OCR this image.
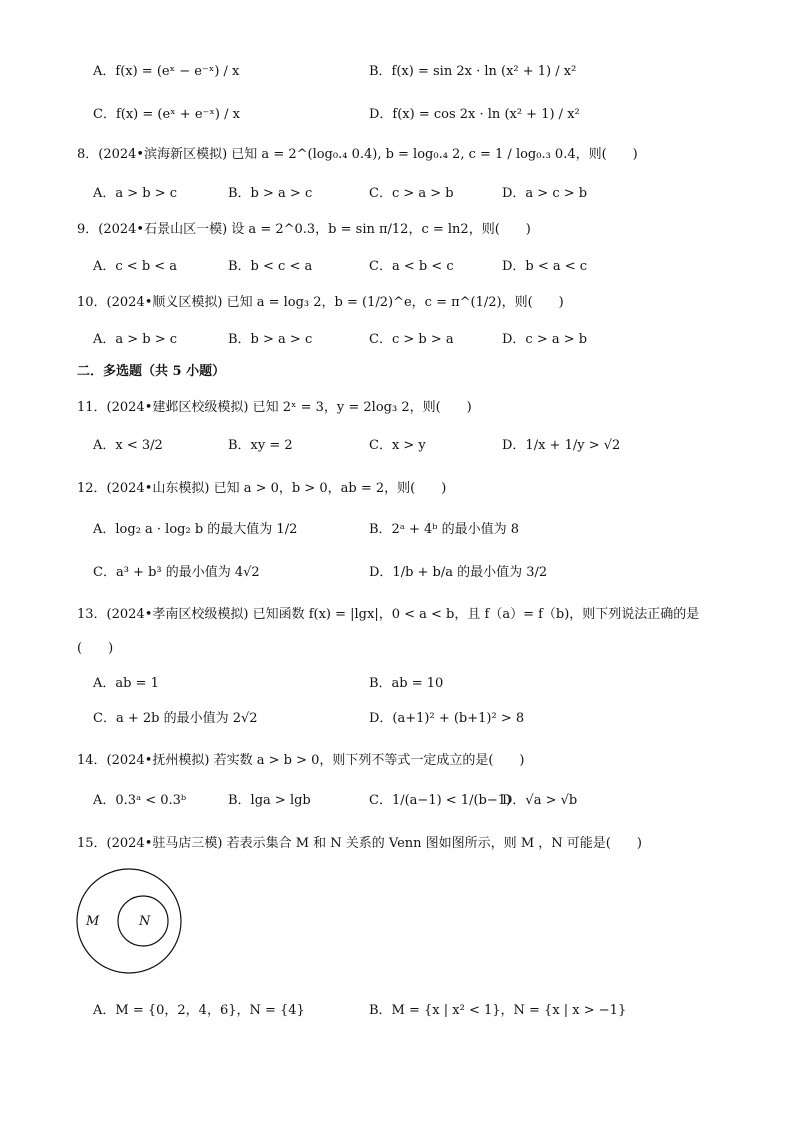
A．f(x) = (eˣ − e⁻ˣ) / x	B．f(x) = sin 2x · ln (x² + 1) / x²
C．f(x) = (eˣ + e⁻ˣ) / x	D．f(x) = cos 2x · ln (x² + 1) / x²
8．(2024•滨海新区模拟) 已知 a = 2^(log₀.₄ 0.4), b = log₀.₄ 2, c = 1 / log₀.₃ 0.4，则(　　)
A．a > b > c	B．b > a > c	C．c > a > b	D．a > c > b
9．(2024•石景山区一模) 设 a = 2^0.3，b = sin π/12，c = ln2，则(　　)
A．c < b < a	B．b < c < a	C．a < b < c	D．b < a < c
10．(2024•顺义区模拟) 已知 a = log₃ 2，b = (1/2)^e，c = π^(1/2)，则(　　)
A．a > b > c	B．b > a > c	C．c > b > a	D．c > a > b
二．多选题（共 5 小题）
11．(2024•建邺区校级模拟) 已知 2ˣ = 3，y = 2log₃ 2，则(　　)
A．x < 3/2	B．xy = 2	C．x > y	D．1/x + 1/y > √2
12．(2024•山东模拟) 已知 a > 0，b > 0，ab = 2，则(　　)
A．log₂ a · log₂ b 的最大值为 1/2	B．2ᵃ + 4ᵇ 的最小值为 8
C．a³ + b³ 的最小值为 4√2	D．1/b + b/a 的最小值为 3/2
13．(2024•孝南区校级模拟) 已知函数 f(x) = |lgx|，0 < a < b，且 f（a）= f（b)，则下列说法正确的是
(　　)
A．ab = 1	B．ab = 10
C．a + 2b 的最小值为 2√2	D．(a+1)² + (b+1)² > 8
14．(2024•抚州模拟) 若实数 a > b > 0，则下列不等式一定成立的是(　　)
A．0.3ᵃ < 0.3ᵇ	B．lga > lgb	C．1/(a−1) < 1/(b−1)
D．√a > √b
15．(2024•驻马店三模) 若表示集合 M 和 N 关系的 Venn 图如图所示，则 M ，N 可能是(　　)
M	N
A．M = {0，2，4，6}，N = {4}	B．M = {x | x² < 1}，N = {x | x > −1}
